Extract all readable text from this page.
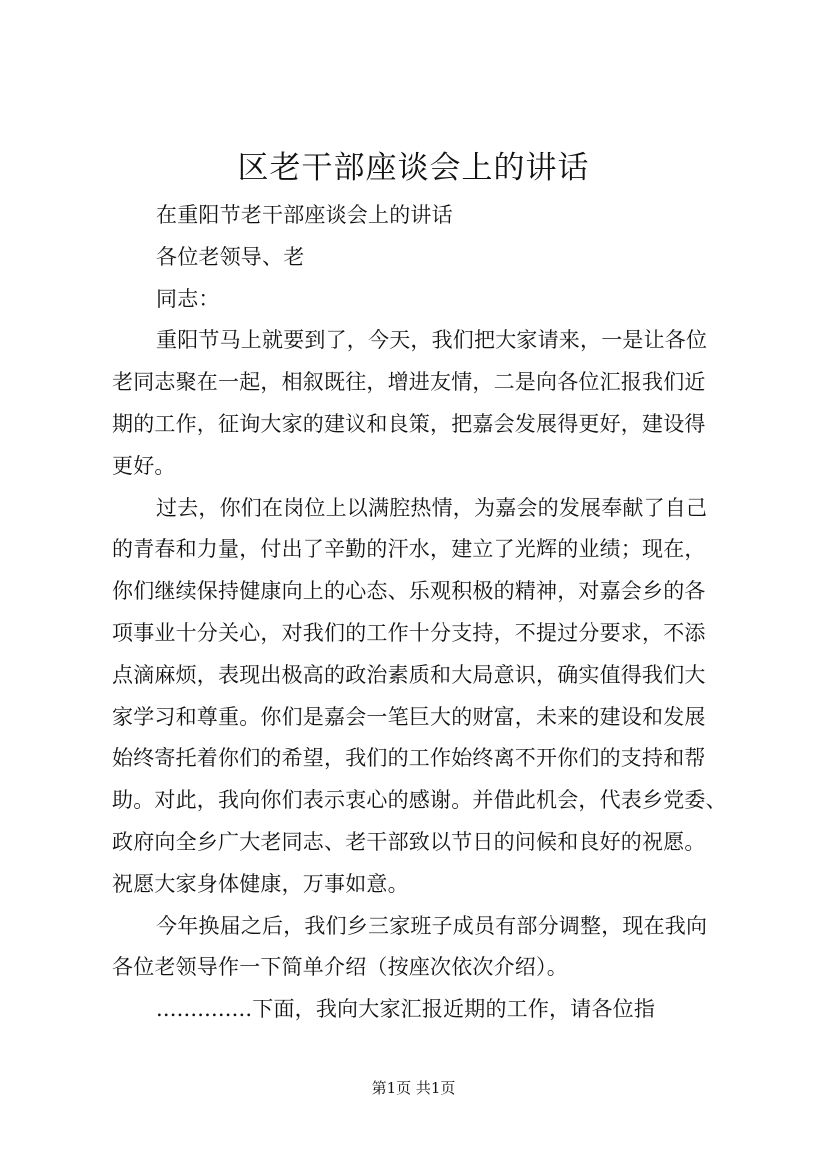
区老干部座谈会上的讲话
在重阳节老干部座谈会上的讲话
各位老领导、老
同志：
重阳节马上就要到了，今天，我们把大家请来，一是让各位
老同志聚在一起，相叙既往，增进友情，二是向各位汇报我们近
期的工作，征询大家的建议和良策，把嘉会发展得更好，建设得
更好。
过去，你们在岗位上以满腔热情，为嘉会的发展奉献了自己
的青春和力量，付出了辛勤的汗水，建立了光辉的业绩；现在，
你们继续保持健康向上的心态、乐观积极的精神，对嘉会乡的各
项事业十分关心，对我们的工作十分支持，不提过分要求，不添
点滴麻烦，表现出极高的政治素质和大局意识，确实值得我们大
家学习和尊重。你们是嘉会一笔巨大的财富，未来的建设和发展
始终寄托着你们的希望，我们的工作始终离不开你们的支持和帮
助。对此，我向你们表示衷心的感谢。并借此机会，代表乡党委、
政府向全乡广大老同志、老干部致以节日的问候和良好的祝愿。
祝愿大家身体健康，万事如意。
今年换届之后，我们乡三家班子成员有部分调整，现在我向
各位老领导作一下简单介绍（按座次依次介绍）。
..............下面，我向大家汇报近期的工作，请各位指
第1页 共1页
